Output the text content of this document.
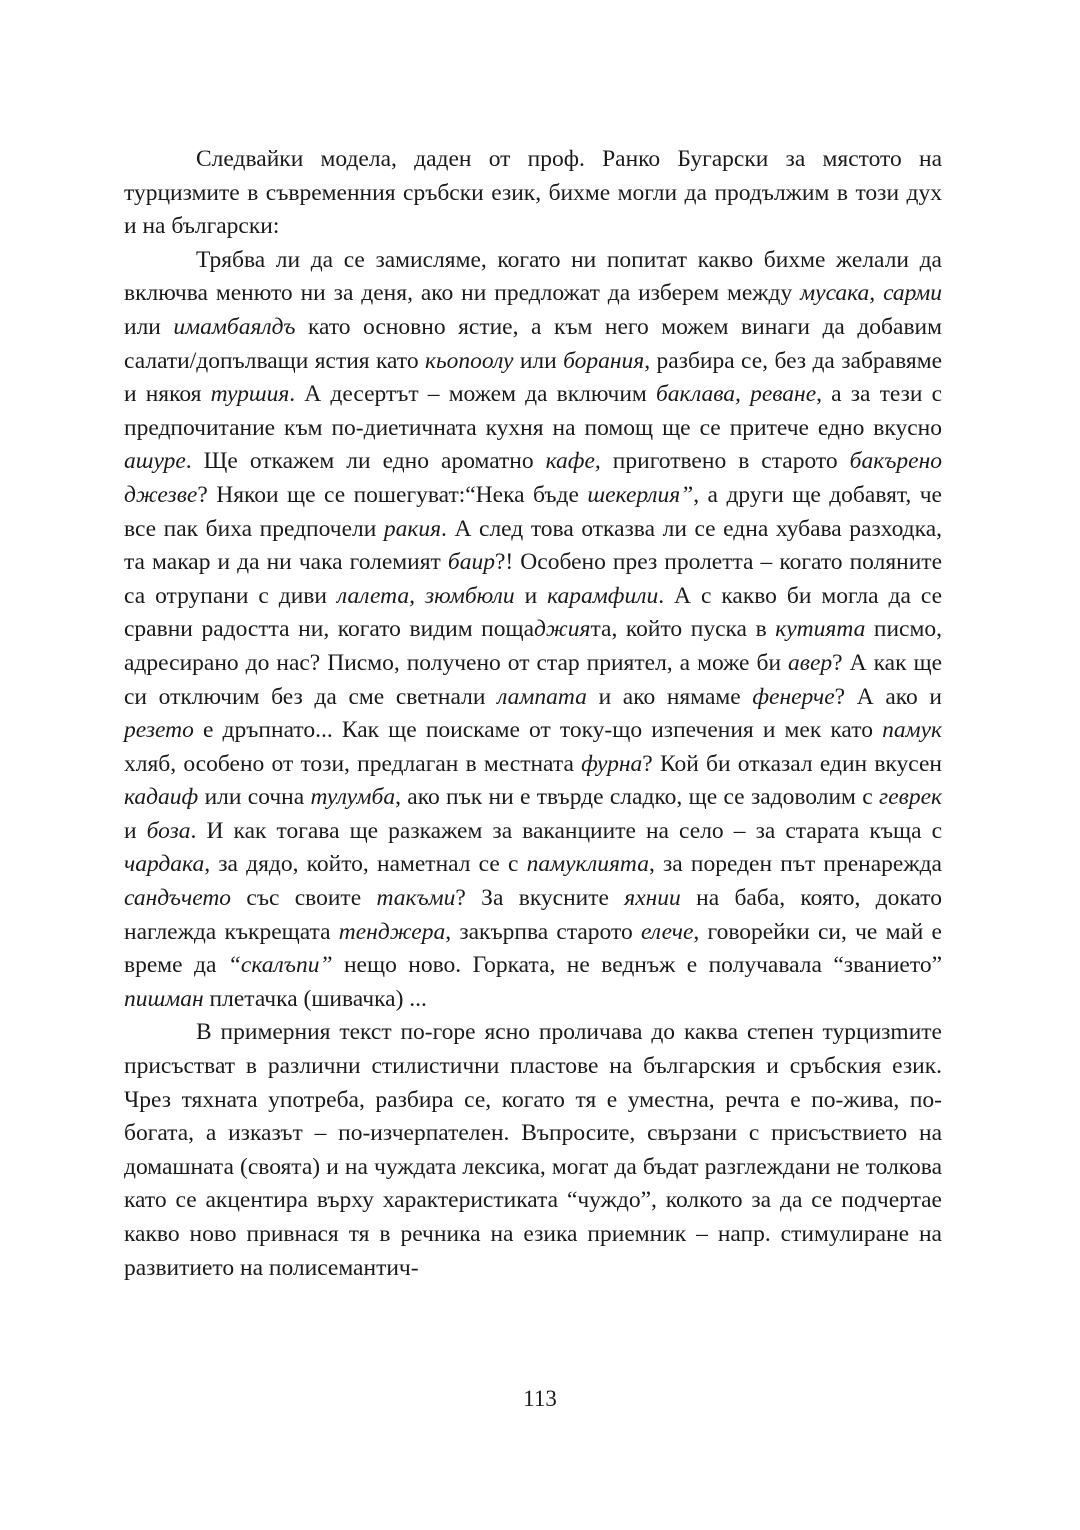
Следвайки модела, даден от проф. Ранко Бугарски за мястото на турцизмите в съвременния сръбски език, бихме могли да продължим в този дух и на български:

Трябва ли да се замисляме, когато ни попитат какво бихме желали да включва менюто ни за деня, ако ни предложат да изберем между мусака, сарми или имамбаялдъ като основно ястие, а към него можем винаги да добавим салати/допълващи ястия като кьопоолу или борания, разбира се, без да забравяме и някоя туршия. А десертът – можем да включим баклава, реване, а за тези с предпочитание към по-диетичната кухня на помощ ще се притече едно вкусно ашуре. Ще откажем ли едно ароматно кафе, приготвено в старото бакърено джезве? Някои ще се пошегуват:“Нека бъде шекерлия”, а други ще добавят, че все пак биха предпочели ракия. А след това отказва ли се една хубава разходка, та макар и да ни чака големият баир?! Особено през пролетта – когато поляните са отрупани с диви лалета, зюмбюли и карамфили. А с какво би могла да се сравни радостта ни, когато видим пощаджията, който пуска в кутията писмо, адресирано до нас? Писмо, получено от стар приятел, а може би авер? А как ще си отключим без да сме светнали лампата и ако нямаме фенерче? А ако и резето е дръпнато... Как ще поискаме от току-що изпечения и мек като памук хляб, особено от този, предлаган в местната фурна? Кой би отказал един вкусен кадаиф или сочна тулумба, ако пък ни е твърде сладко, ще се задоволим с геврек и боза. И как тогава ще разкажем за ваканциите на село – за старата къща с чардака, за дядо, който, наметнал се с памуклията, за пореден път пренарежда сандъчето със своите такъми? За вкусните яхнии на баба, която, докато наглежда къкрещата тенджера, закърпва старото елече, говорейки си, че май е време да “скалъпи” нещо ново. Горката, не веднъж е получавала “званието” пишман плетачка (шивачка) ...

В примерния текст по-горе ясно проличава до каква степен турцизmите присъстват в различни стилистични пластове на българския и сръбския език. Чрез тяхната употреба, разбира се, когато тя е уместна, речта е по-жива, по-богата, а изказът – по-изчерпателен. Въпросите, свързани с присъствието на домашната (своята) и на чуждата лексика, могат да бъдат разглеждани не толкова като се акцентира върху характеристиката “чуждо”, колкото за да се подчертае какво ново привнася тя в речника на езика приемник – напр. стимулиране на развитието на полисемантич-

113
